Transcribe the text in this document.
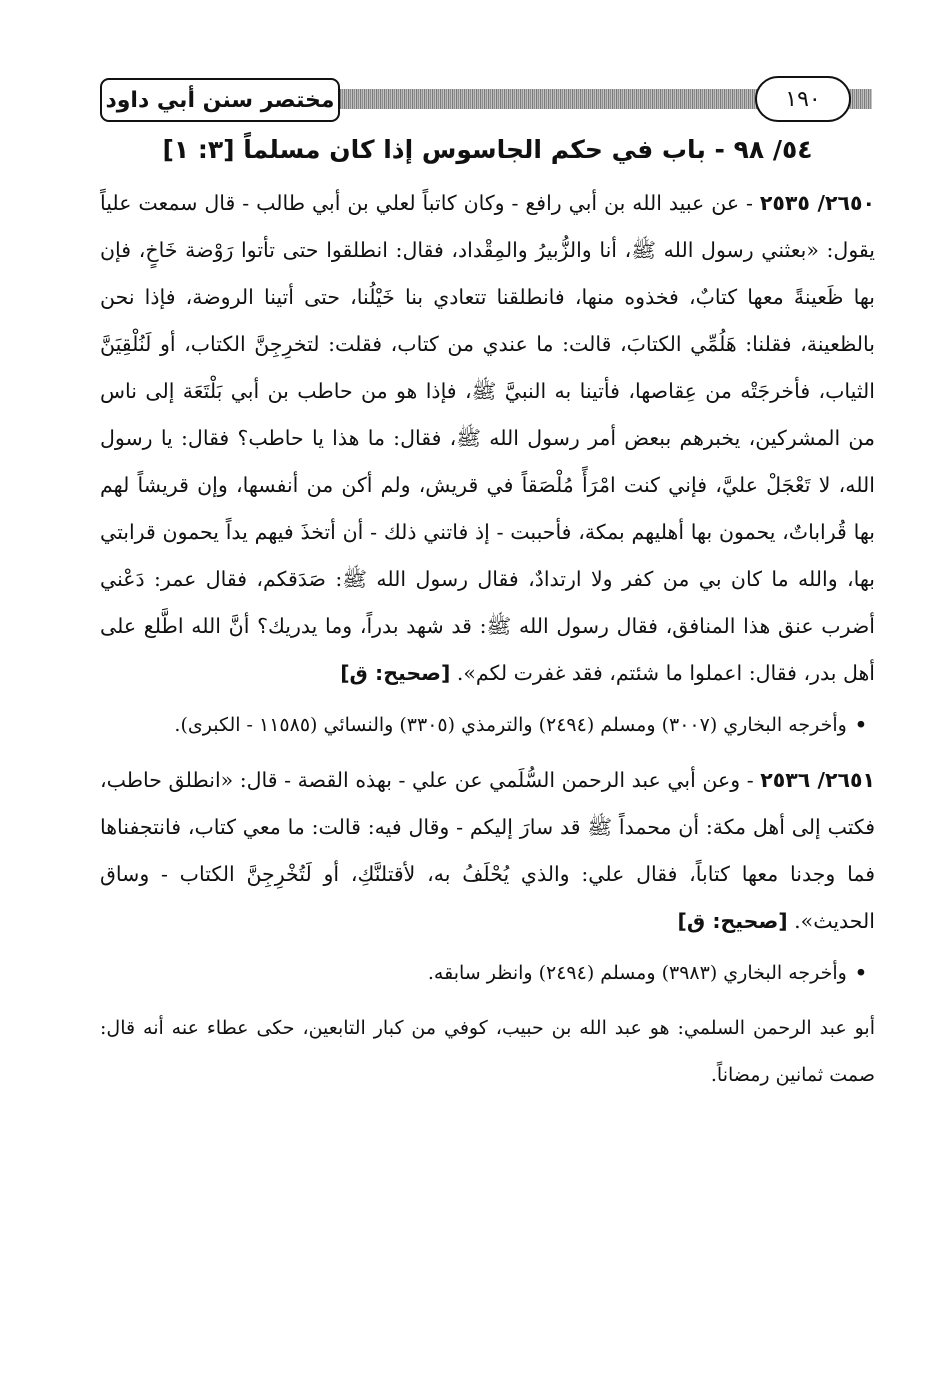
مختصر سنن أبي داود	١٩٠
٥٤/ ٩٨ - باب في حكم الجاسوس إذا كان مسلماً [٣: ١]

٢٦٥٠/ ٢٥٣٥ - عن عبيد الله بن أبي رافع - وكان كاتباً لعلي بن أبي طالب - قال سمعت علياً يقول: «بعثني رسول الله ﷺ، أنا والزُّبيرُ والمِقْداد، فقال: انطلقوا حتى تأتوا رَوْضة خَاخٍ، فإن بها ظَعينةً معها كتابٌ، فخذوه منها، فانطلقنا تتعادي بنا خَيْلُنا، حتى أتينا الروضة، فإذا نحن بالظعينة، فقلنا: هَلُمِّي الكتابَ، قالت: ما عندي من كتاب، فقلت: لتخرِجِنَّ الكتاب، أو لَنُلْقِيَنَّ الثياب، فأخرجَتْه من عِقاصها، فأتينا به النبيَّ ﷺ، فإذا هو من حاطب بن أبي بَلْتَعَة إلى ناس من المشركين، يخبرهم ببعض أمر رسول الله ﷺ، فقال: ما هذا يا حاطب؟ فقال: يا رسول الله، لا تَعْجَلْ عليَّ، فإني كنت امْرَأً مُلْصَقاً في قريش، ولم أكن من أنفسها، وإن قريشاً لهم بها قُراباتٌ، يحمون بها أهليهم بمكة، فأحببت - إذ فاتني ذلك - أن أتخذَ فيهم يداً يحمون قرابتي بها، والله ما كان بي من كفر ولا ارتدادٌ، فقال رسول الله ﷺ: صَدَقكم، فقال عمر: دَعْني أضرب عنق هذا المنافق، فقال رسول الله ﷺ: قد شهد بدراً، وما يدريك؟ أنَّ الله اطَّلع على أهل بدر، فقال: اعملوا ما شئتم، فقد غفرت لكم». [صحيح: ق]

•وأخرجه البخاري (٣٠٠٧) ومسلم (٢٤٩٤) والترمذي (٣٣٠٥) والنسائي (١١٥٨٥ - الكبرى).

٢٦٥١/ ٢٥٣٦ - وعن أبي عبد الرحمن السُّلَمي عن علي - بهذه القصة - قال: «انطلق حاطب، فكتب إلى أهل مكة: أن محمداً ﷺ قد سارَ إليكم - وقال فيه: قالت: ما معي كتاب، فانتجفناها فما وجدنا معها كتاباً، فقال علي: والذي يُحْلَفُ به، لأقتلنَّكِ، أو لَتُخْرِجِنَّ الكتاب - وساق الحديث». [صحيح: ق]

•وأخرجه البخاري (٣٩٨٣) ومسلم (٢٤٩٤) وانظر سابقه.

أبو عبد الرحمن السلمي: هو عبد الله بن حبيب، كوفي من كبار التابعين، حكى عطاء عنه أنه قال: صمت ثمانين رمضاناً.
